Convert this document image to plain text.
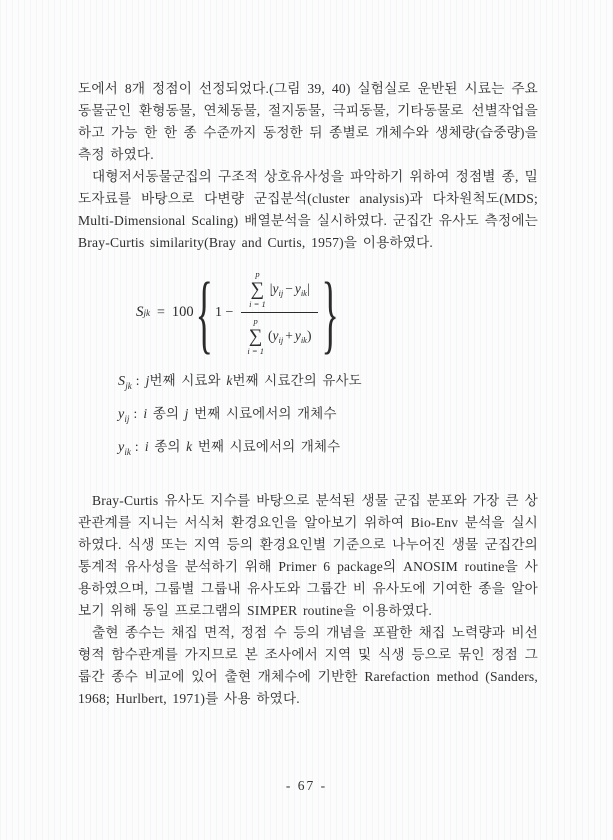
도에서 8개 정점이 선정되었다.(그림 39, 40) 실험실로 운반된 시료는 주요 동물군인 환형동물, 연체동물, 절지동물, 극피동물, 기타동물로 선별작업을 하고 가능 한 한 종 수준까지 동정한 뒤 종별로 개체수와 생체량(습중량)을 측정 하였다.

대형저서동물군집의 구조적 상호유사성을 파악하기 위하여 정점별 종, 밀도자료를 바탕으로 다변량 군집분석(cluster analysis)과 다차원척도(MDS; Multi-Dimensional Scaling) 배열분석을 실시하였다. 군집간 유사도 측정에는 Bray-Curtis similarity(Bray and Curtis, 1957)을 이용하였다.

S jk = 100 { 1 − p
∑
i = 1
$|y_{ij} - y_{ik}|$
p
∑
i = 1
$(y_{ij} + y_{ik})$ }
$S_{jk}$ : j번째 시료와 k번째 시료간의 유사도
$y_{ij}$ : i 종의 j 번째 시료에서의 개체수
$y_{ik}$ : i 종의 k 번째 시료에서의 개체수

Bray-Curtis 유사도 지수를 바탕으로 분석된 생물 군집 분포와 가장 큰 상관관계를 지니는 서식처 환경요인을 알아보기 위하여 Bio-Env 분석을 실시하였다. 식생 또는 지역 등의 환경요인별 기준으로 나누어진 생물 군집간의 통계적 유사성을 분석하기 위해 Primer 6 package의 ANOSIM routine을 사용하였으며, 그룹별 그룹내 유사도와 그룹간 비 유사도에 기여한 종을 알아보기 위해 동일 프로그램의 SIMPER routine을 이용하였다.

출현 종수는 채집 면적, 정점 수 등의 개념을 포괄한 채집 노력량과 비선형적 함수관계를 가지므로 본 조사에서 지역 및 식생 등으로 묶인 정점 그룹간 종수 비교에 있어 출현 개체수에 기반한 Rarefaction method (Sanders, 1968; Hurlbert, 1971)를 사용 하였다.

- 67 -
